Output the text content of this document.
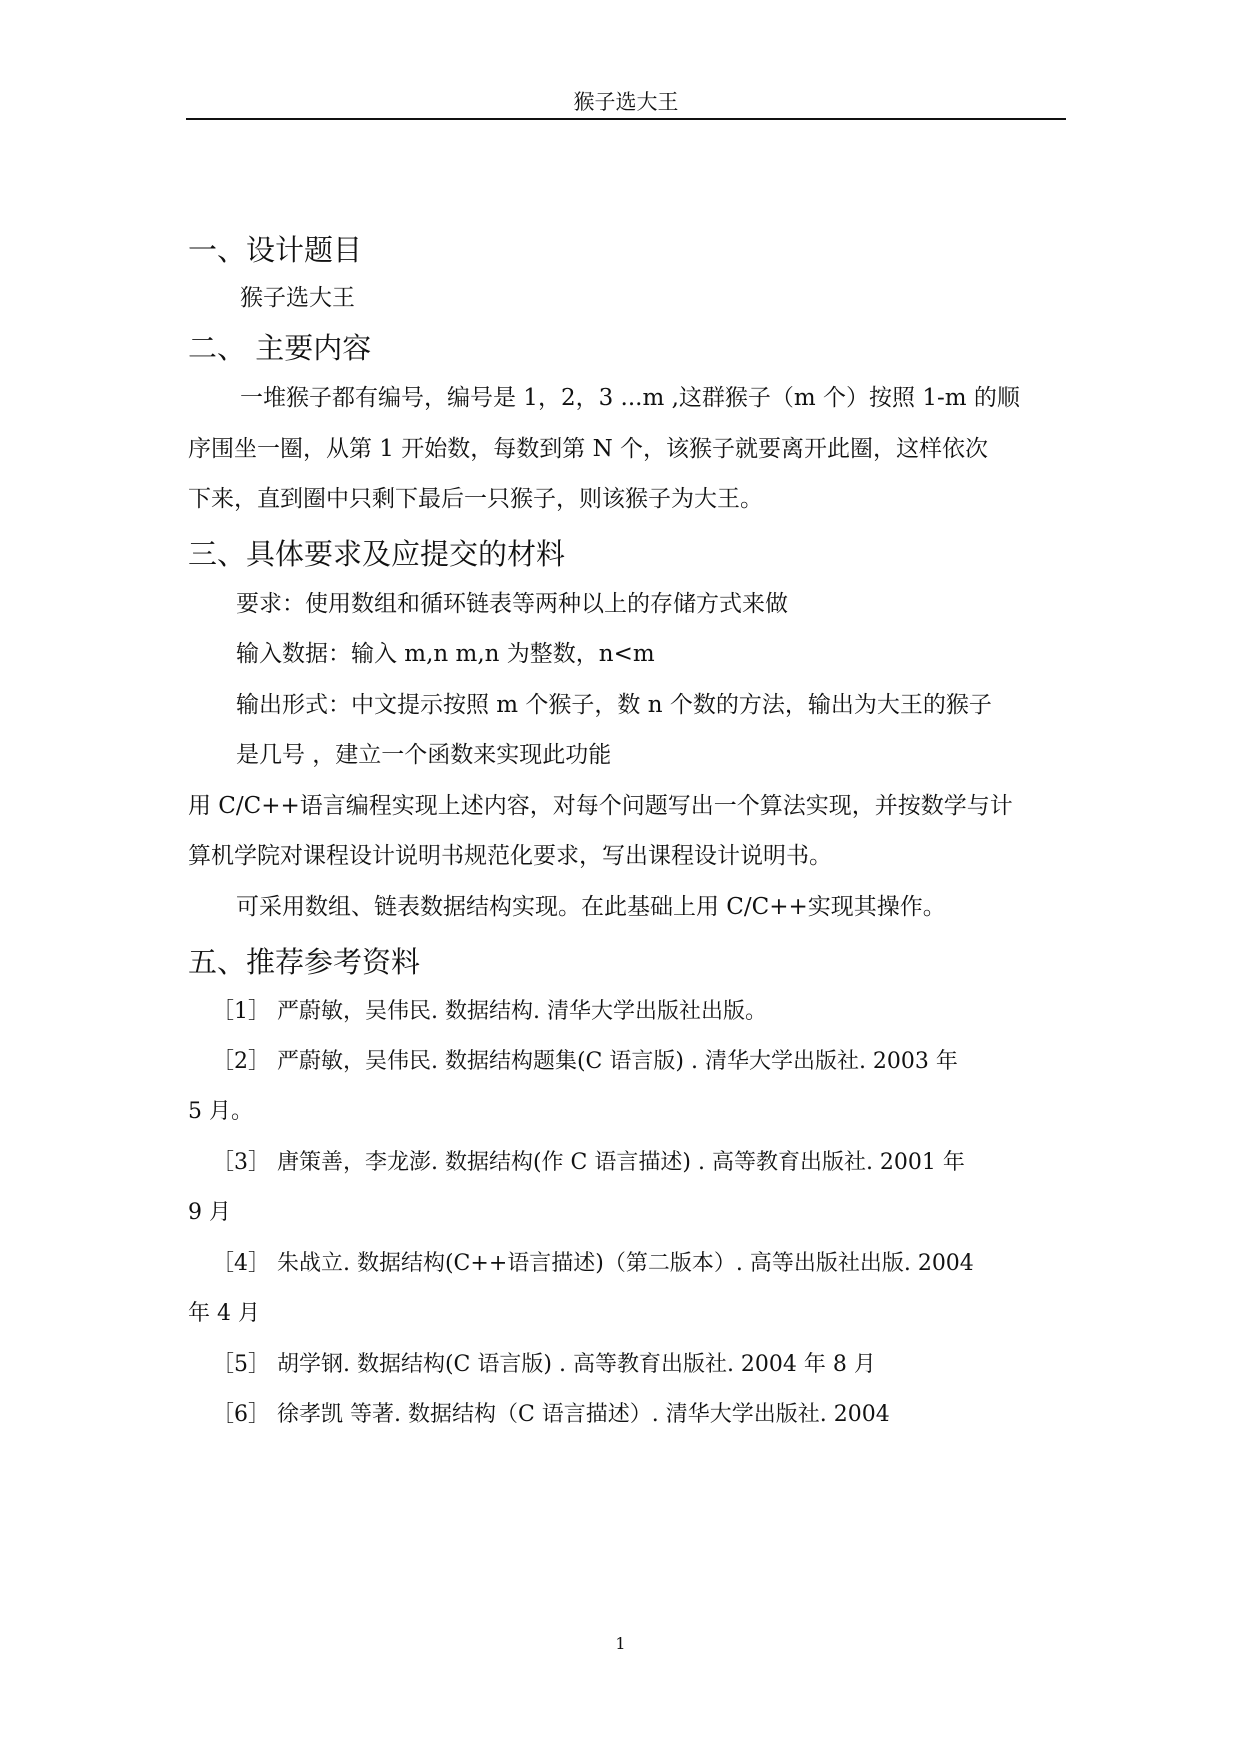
猴子选大王
一、设计题目
猴子选大王
二、 主要内容
一堆猴子都有编号，编号是 1，2，3 ...m ,这群猴子（m 个）按照 1-m 的顺
序围坐一圈，从第 1 开始数，每数到第 N 个，该猴子就要离开此圈，这样依次
下来，直到圈中只剩下最后一只猴子，则该猴子为大王。
三、具体要求及应提交的材料
要求：使用数组和循环链表等两种以上的存储方式来做
输入数据：输入 m,n m,n 为整数，n<m
输出形式：中文提示按照 m 个猴子，数 n 个数的方法，输出为大王的猴子
是几号 ，建立一个函数来实现此功能
用 C/C++语言编程实现上述内容，对每个问题写出一个算法实现，并按数学与计
算机学院对课程设计说明书规范化要求，写出课程设计说明书。
可采用数组、链表数据结构实现。在此基础上用 C/C++实现其操作。
五、推荐参考资料
［1］ 严蔚敏，吴伟民. 数据结构. 清华大学出版社出版。
［2］ 严蔚敏，吴伟民. 数据结构题集(C 语言版) . 清华大学出版社. 2003 年
5 月。
［3］ 唐策善，李龙澎. 数据结构(作 C 语言描述) . 高等教育出版社. 2001 年
9 月
［4］ 朱战立. 数据结构(C++语言描述)（第二版本）. 高等出版社出版. 2004
年 4 月
［5］ 胡学钢. 数据结构(C 语言版) . 高等教育出版社. 2004 年 8 月
［6］ 徐孝凯 等著. 数据结构（C 语言描述）. 清华大学出版社. 2004
1
